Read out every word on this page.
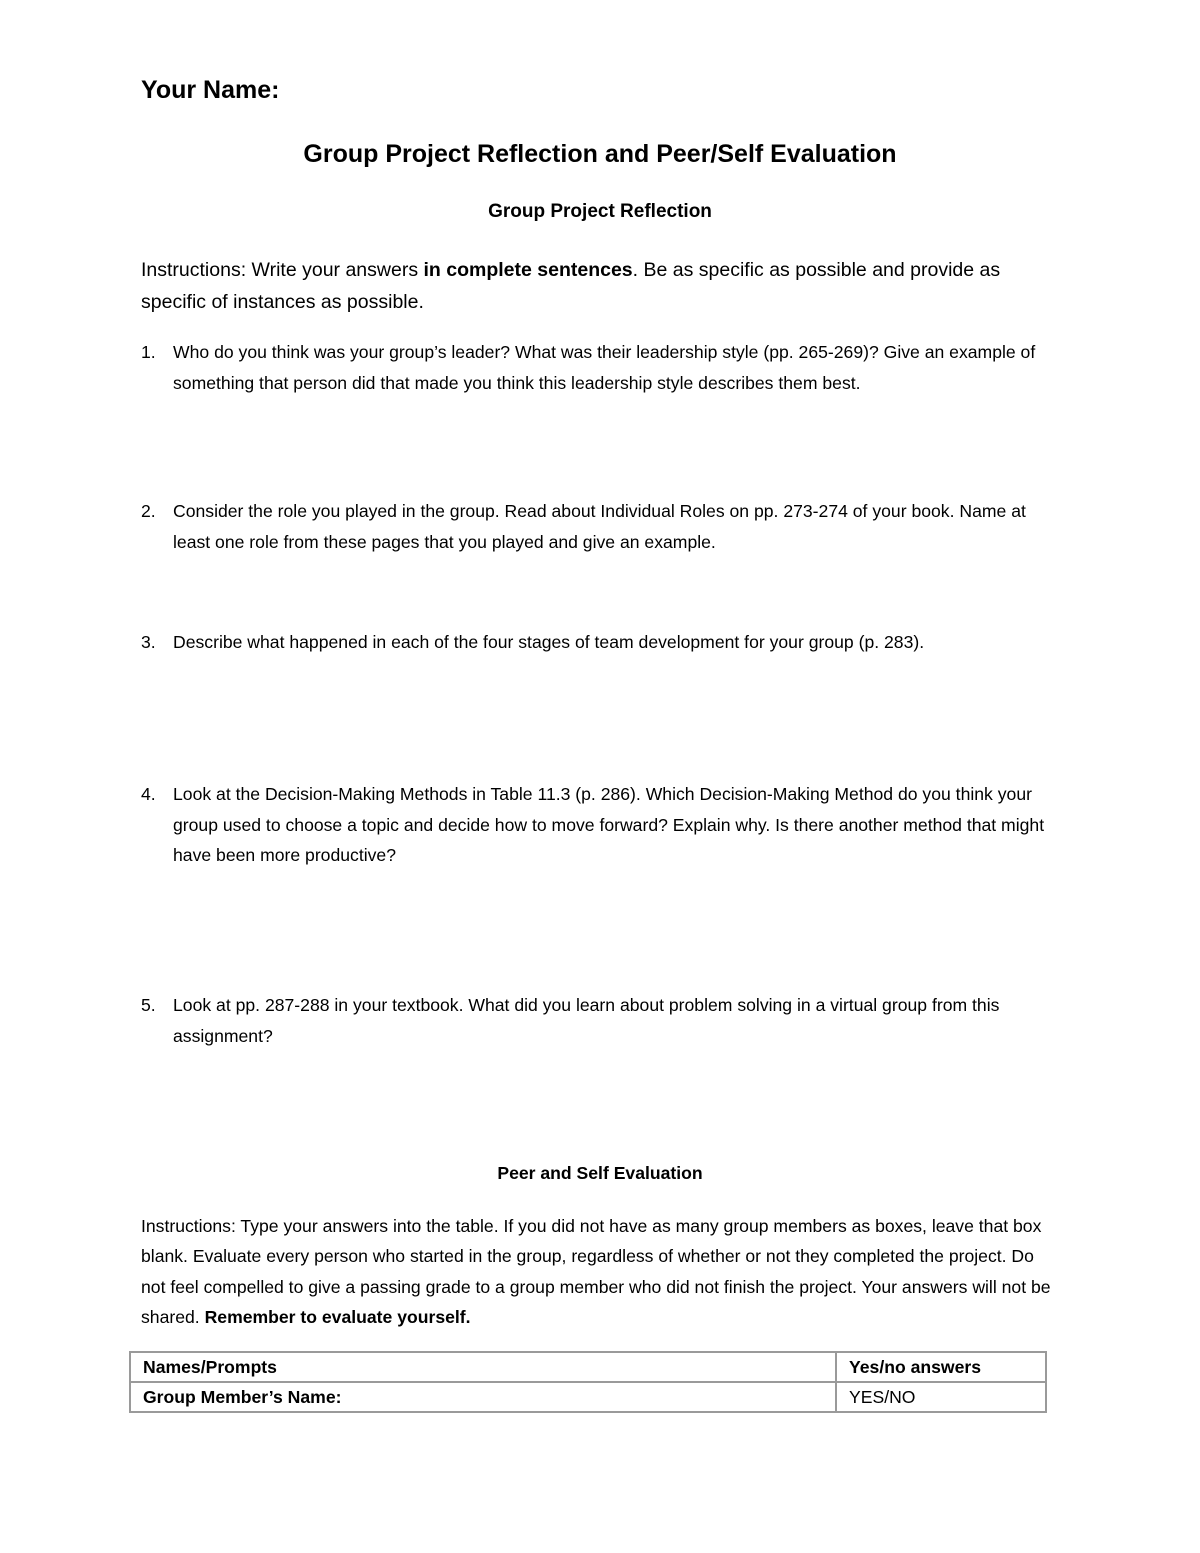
Your Name:
Group Project Reflection and Peer/Self Evaluation
Group Project Reflection
Instructions: Write your answers in complete sentences. Be as specific as possible and provide as specific of instances as possible.
1. Who do you think was your group’s leader? What was their leadership style (pp. 265-269)? Give an example of something that person did that made you think this leadership style describes them best.
2. Consider the role you played in the group. Read about Individual Roles on pp. 273-274 of your book. Name at least one role from these pages that you played and give an example.
3. Describe what happened in each of the four stages of team development for your group (p. 283).
4. Look at the Decision-Making Methods in Table 11.3 (p. 286). Which Decision-Making Method do you think your group used to choose a topic and decide how to move forward? Explain why. Is there another method that might have been more productive?
5. Look at pp. 287-288 in your textbook. What did you learn about problem solving in a virtual group from this assignment?
Peer and Self Evaluation
Instructions: Type your answers into the table. If you did not have as many group members as boxes, leave that box blank. Evaluate every person who started in the group, regardless of whether or not they completed the project. Do not feel compelled to give a passing grade to a group member who did not finish the project. Your answers will not be shared. Remember to evaluate yourself.
Names/Prompts	Yes/no answers
Group Member’s Name:	YES/NO
